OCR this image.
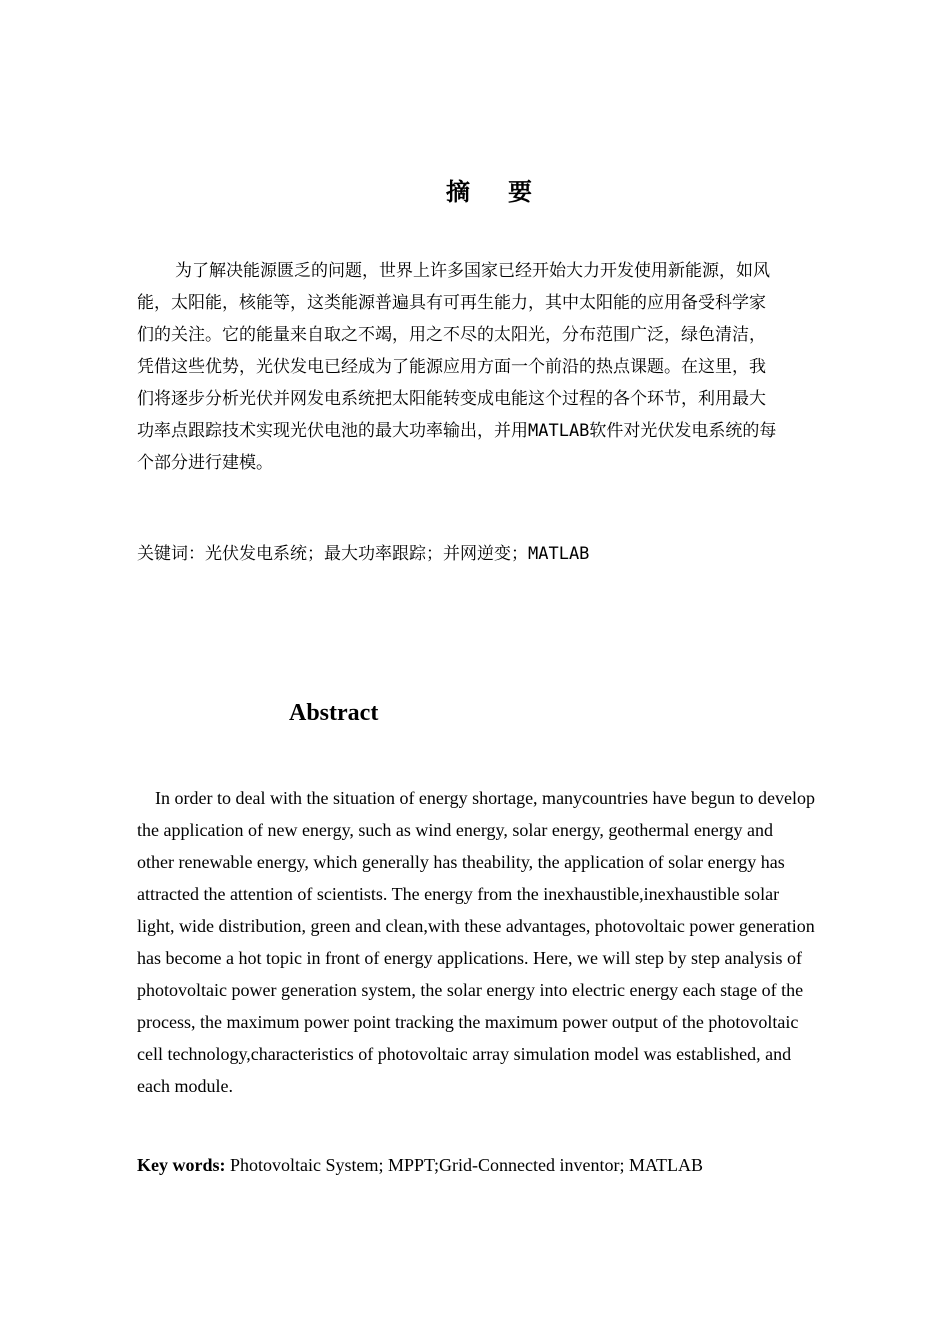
摘 要
为了解决能源匮乏的问题，世界上许多国家已经开始大力开发使用新能源，如风
能，太阳能，核能等，这类能源普遍具有可再生能力，其中太阳能的应用备受科学家
们的关注。它的能量来自取之不竭，用之不尽的太阳光，分布范围广泛，绿色清洁，
凭借这些优势，光伏发电已经成为了能源应用方面一个前沿的热点课题。在这里，我
们将逐步分析光伏并网发电系统把太阳能转变成电能这个过程的各个环节，利用最大
功率点跟踪技术实现光伏电池的最大功率输出，并用MATLAB软件对光伏发电系统的每
个部分进行建模。
关键词：光伏发电系统；最大功率跟踪；并网逆变；MATLAB
Abstract
In order to deal with the situation of energy shortage, manycountries have begun to develop
the application of new energy, such as wind energy, solar energy, geothermal energy and
other renewable energy, which generally has theability, the application of solar energy has
attracted the attention of scientists. The energy from the inexhaustible,inexhaustible solar
light, wide distribution, green and clean,with these advantages, photovoltaic power generation
has become a hot topic in front of energy applications. Here, we will step by step analysis of
photovoltaic power generation system, the solar energy into electric energy each stage of the
process, the maximum power point tracking the maximum power output of the photovoltaic
cell technology,characteristics of photovoltaic array simulation model was established, and
each module.
Key words: Photovoltaic System; MPPT;Grid-Connected inventor; MATLAB
